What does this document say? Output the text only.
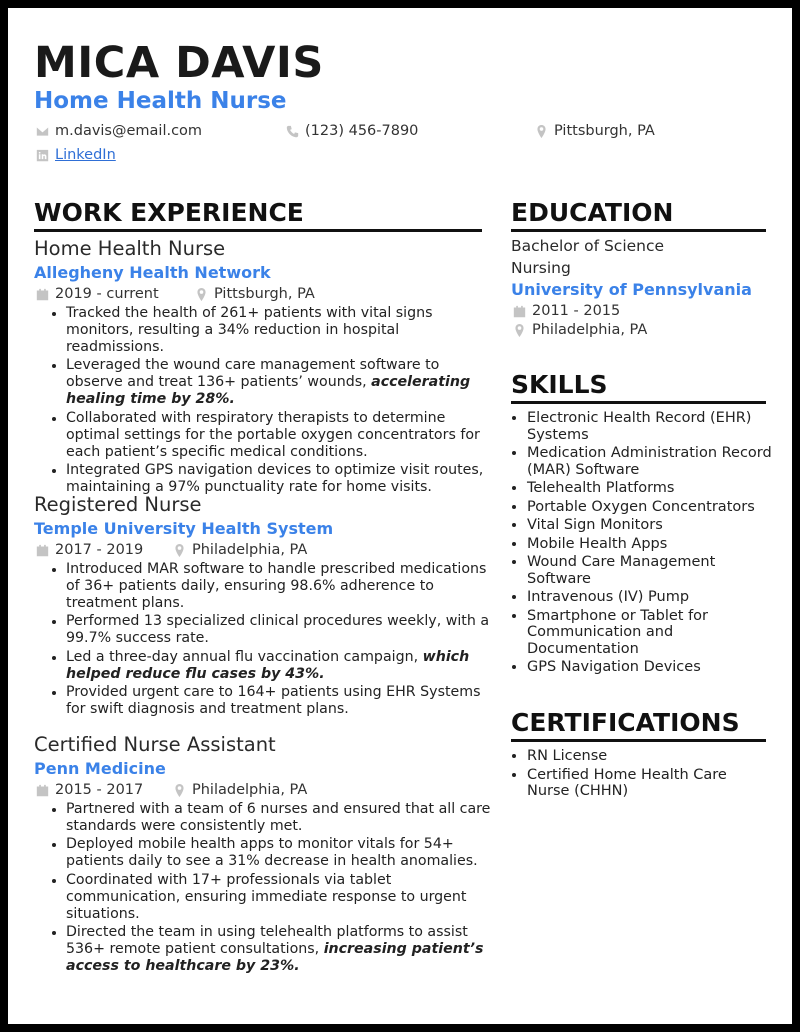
MICA DAVIS
Home Health Nurse
m.davis@email.com	(123) 456-7890	Pittsburgh, PA
LinkedIn
WORK EXPERIENCE
Home Health Nurse
Allegheny Health Network
2019 - current	Pittsburgh, PA
• Tracked the health of 261+ patients with vital signs monitors, resulting a 34% reduction in hospital readmissions.
• Leveraged the wound care management software to observe and treat 136+ patients’ wounds, accelerating healing time by 28%.
• Collaborated with respiratory therapists to determine optimal settings for the portable oxygen concentrators for each patient’s specific medical conditions.
• Integrated GPS navigation devices to optimize visit routes, maintaining a 97% punctuality rate for home visits.
Registered Nurse
Temple University Health System
2017 - 2019	Philadelphia, PA
• Introduced MAR software to handle prescribed medications of 36+ patients daily, ensuring 98.6% adherence to treatment plans.
• Performed 13 specialized clinical procedures weekly, with a 99.7% success rate.
• Led a three-day annual flu vaccination campaign, which helped reduce flu cases by 43%.
• Provided urgent care to 164+ patients using EHR Systems for swift diagnosis and treatment plans.
Certified Nurse Assistant
Penn Medicine
2015 - 2017	Philadelphia, PA
• Partnered with a team of 6 nurses and ensured that all care standards were consistently met.
• Deployed mobile health apps to monitor vitals for 54+ patients daily to see a 31% decrease in health anomalies.
• Coordinated with 17+ professionals via tablet communication, ensuring immediate response to urgent situations.
• Directed the team in using telehealth platforms to assist 536+ remote patient consultations, increasing patient’s access to healthcare by 23%.
EDUCATION
Bachelor of Science
Nursing
University of Pennsylvania
2011 - 2015
Philadelphia, PA
SKILLS
• Electronic Health Record (EHR) Systems
• Medication Administration Record (MAR) Software
• Telehealth Platforms
• Portable Oxygen Concentrators
• Vital Sign Monitors
• Mobile Health Apps
• Wound Care Management Software
• Intravenous (IV) Pump
• Smartphone or Tablet for Communication and Documentation
• GPS Navigation Devices
CERTIFICATIONS
• RN License
• Certified Home Health Care Nurse (CHHN)
